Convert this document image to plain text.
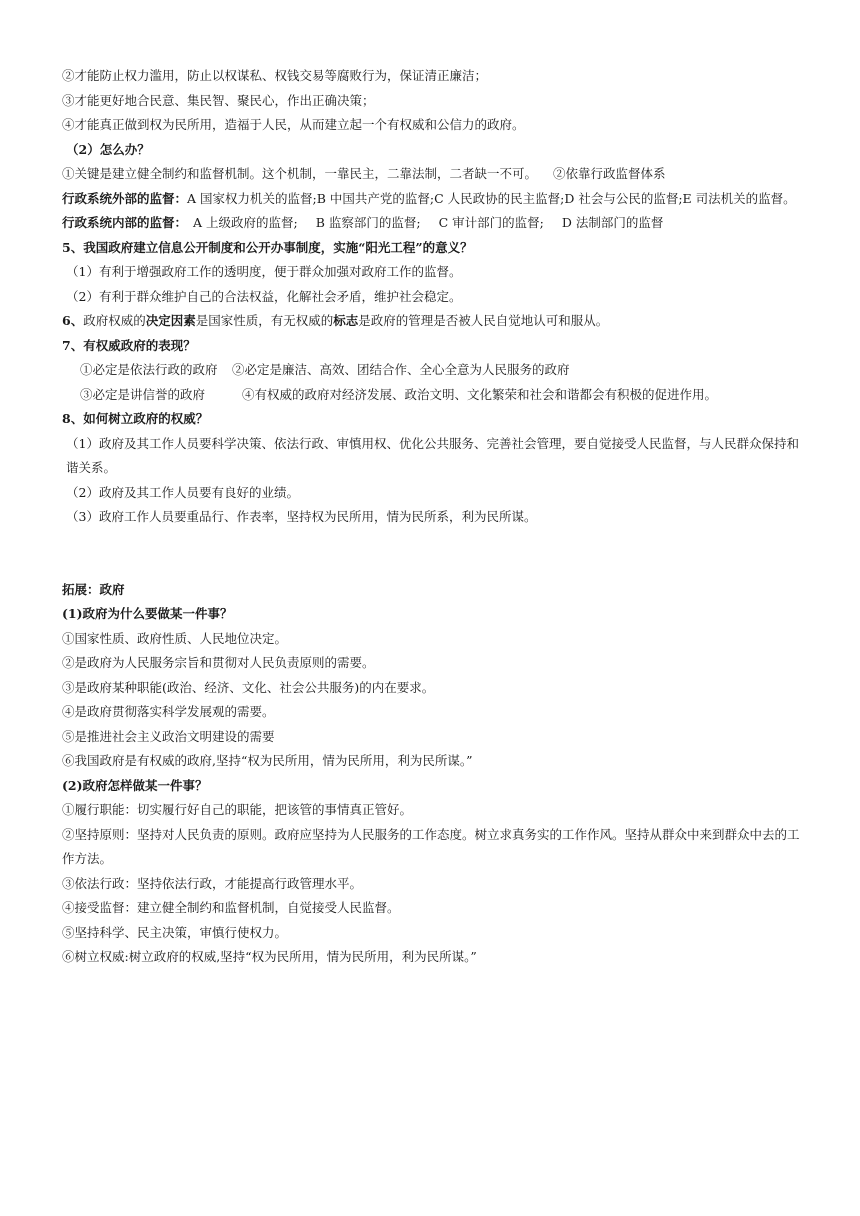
②才能防止权力滥用，防止以权谋私、权钱交易等腐败行为，保证清正廉洁；
③才能更好地合民意、集民智、聚民心，作出正确决策；
④才能真正做到权为民所用，造福于人民，从而建立起一个有权威和公信力的政府。
（2）怎么办？
①关键是建立健全制约和监督机制。这个机制，一靠民主，二靠法制，二者缺一不可。 ②依靠行政监督体系
行政系统外部的监督：A 国家权力机关的监督;B 中国共产党的监督;C 人民政协的民主监督;D 社会与公民的监督;E 司法机关的监督。
行政系统内部的监督： A 上级政府的监督; B 监察部门的监督; C 审计部门的监督; D 法制部门的监督
5、我国政府建立信息公开制度和公开办事制度，实施“阳光工程”的意义？
（1）有利于增强政府工作的透明度，便于群众加强对政府工作的监督。
（2）有利于群众维护自己的合法权益，化解社会矛盾，维护社会稳定。
6、政府权威的决定因素是国家性质，有无权威的标志是政府的管理是否被人民自觉地认可和服从。
7、有权威政府的表现？
①必定是依法行政的政府 ②必定是廉洁、高效、团结合作、全心全意为人民服务的政府
③必定是讲信誉的政府	④有权威的政府对经济发展、政治文明、文化繁荣和社会和谐都会有积极的促进作用。
8、如何树立政府的权威？
（1）政府及其工作人员要科学决策、依法行政、审慎用权、优化公共服务、完善社会管理，要自觉接受人民监督，与人民群众保持和谐关系。
（2）政府及其工作人员要有良好的业绩。
（3）政府工作人员要重品行、作表率，坚持权为民所用，情为民所系，利为民所谋。
拓展：政府
(1)政府为什么要做某一件事？
①国家性质、政府性质、人民地位决定。
②是政府为人民服务宗旨和贯彻对人民负责原则的需要。
③是政府某种职能(政治、经济、文化、社会公共服务)的内在要求。
④是政府贯彻落实科学发展观的需要。
⑤是推进社会主义政治文明建设的需要
⑥我国政府是有权威的政府,坚持“权为民所用，情为民所用，利为民所谋。”
(2)政府怎样做某一件事？
①履行职能：切实履行好自己的职能，把该管的事情真正管好。
②坚持原则：坚持对人民负责的原则。政府应坚持为人民服务的工作态度。树立求真务实的工作作风。坚持从群众中来到群众中去的工作方法。
③依法行政：坚持依法行政，才能提高行政管理水平。
④接受监督：建立健全制约和监督机制，自觉接受人民监督。
⑤坚持科学、民主决策，审慎行使权力。
⑥树立权威:树立政府的权威,坚持“权为民所用，情为民所用，利为民所谋。”
